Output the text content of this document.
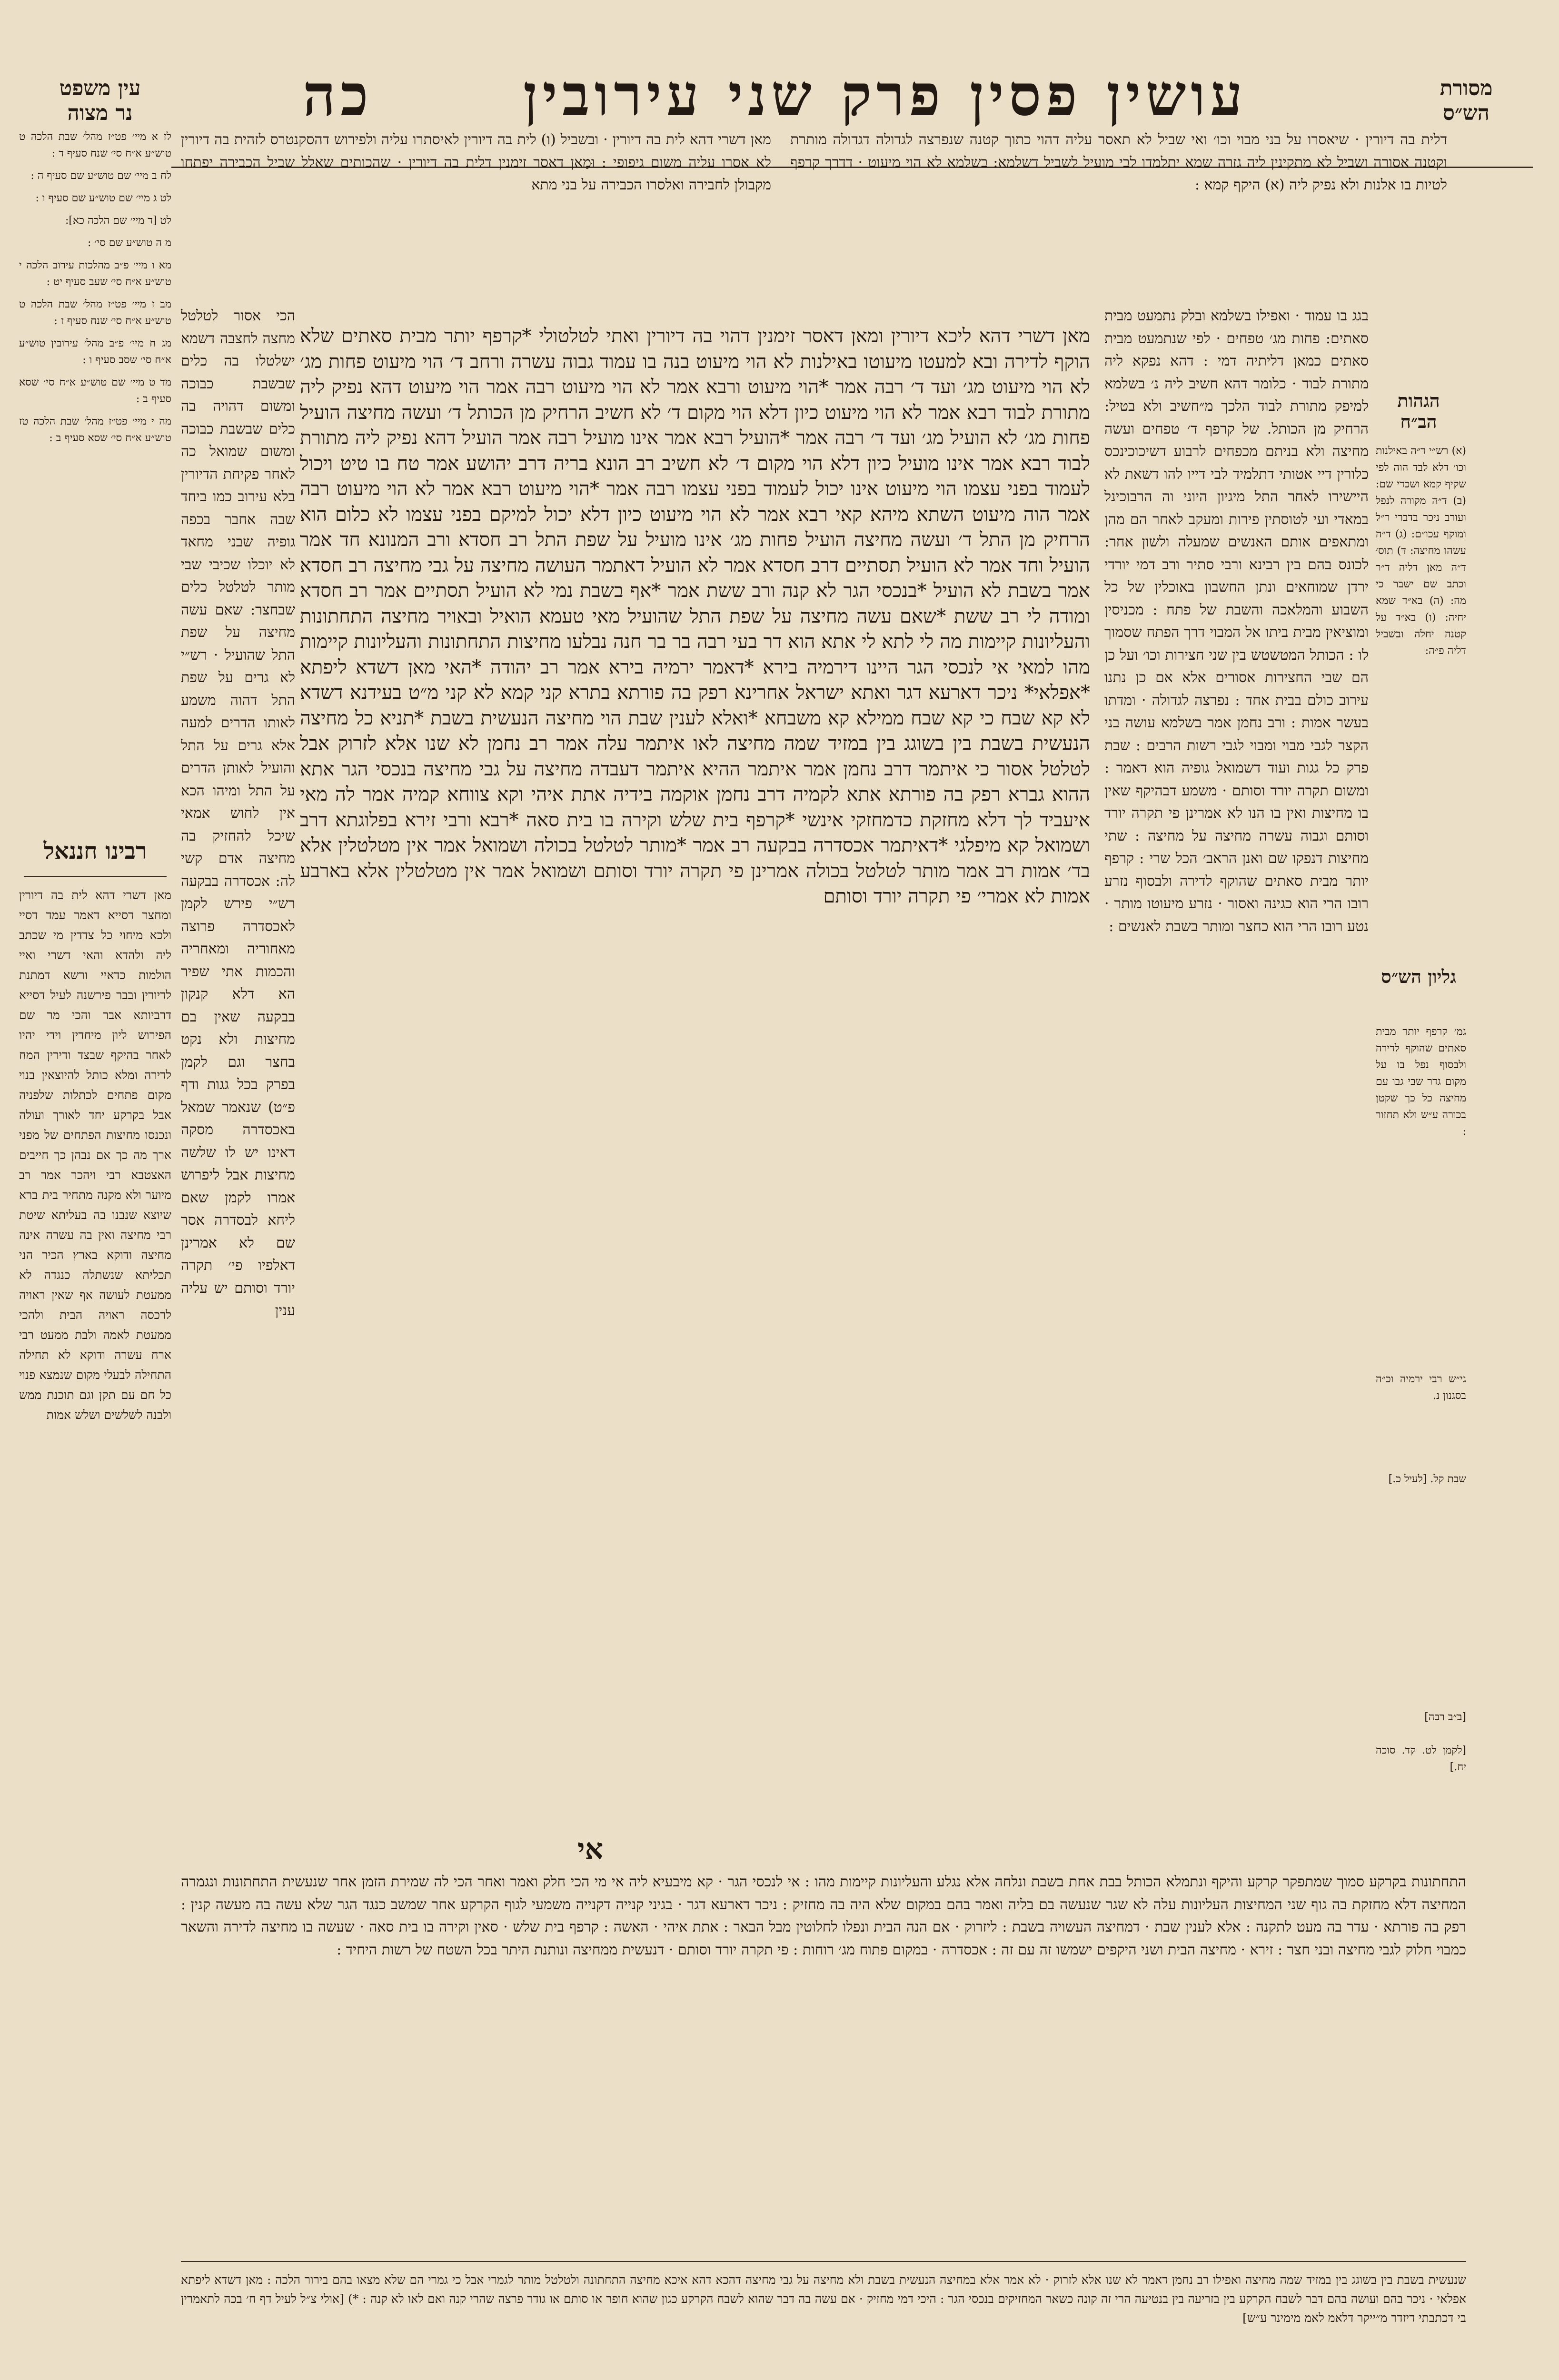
מסורת
הש״ס
עושין פסין פרק שני עירובין
כה
עין משפט
נר מצוה
דלית בה דיורין · שיאסרו על בני מבוי וכו׳ ואי שביל לא תאסר עליה דהוי כתוך קטנה שנפרצה לגדולה דגדולה מותרת וקטנה אסורה ושביל לא מתקינין ליה גזרה שמא יתלמדו לבי מועיל לשביל דשלמא: בשלמא לא הוי מיעוט · דדרך קרפף לטיות בו אלנות ולא נפיק ליה (א) היקף קמא :
מאן דשרי דהא לית בה דיורין · ובשביל (ו) לית בה דיורין לאיסתרו עליה ולפירוש דהסקנטרס לזהית בה דיורין לא אסרו עליה משום גיפופי : וּמַאן דאסר זימנין דלית בה דיורין · שהכותים שאלל שביל הכבירה יפתחו מקבולן לחבירה ואלסרו הכבירה על בני מתא
הגהות הב״ח
(א) רש״י ד״ה באילנות וכו׳ דלא לבד הוה לפי שקיף קמא ושכדי שם: (ב) ד״ה מקורה לנפל ועורב ניכר בדברי ר״ל ומוקף עכו״ם: (ג) ד״ה עשהו מחיצה: ד) תוס׳ ד״ה מאן דליה ד״ר וכתב שם ישבר כי מה: (ה) בא״ד שמא יחיה: (ו) בא״ד על קטנה יחלה ובשביל דליה פ״ה:
גליון הש״ס
גמ׳ קרפף יותר מבית סאתים שהוקף לדירה ולבסוף נפל בו על מקום גדר שבי גבו עם מחיצה כל כך שקטן בכורה ע״ש ולא תחזור :
בגג בו עמוד · ואפילו בשלמא ובלק נתמעט מבית סאתים: פחות מג׳ טפחים · לפי שנתמעט מבית סאתים כמאן דליתיה דמי : דהא נפקא ליה מתורת לבוד · כלומר דהא חשיב ליה נ׳ בשלמא למיפק מתורת לבוד הלכך מ״חשיב ולא בטיל: הרחיק מן הכותל. של קרפף ד׳ טפחים ועשה מחיצה ולא בניתם מכפחים לרבוע דשיכוכינכס כלורין דיי אטותי דתלמיד לבי דייו להו דשאת לא היישירו לאחר התל מיגיון היוני וה הרבוכינל במאדי ועי לטוסתין פירות ומעקב לאחר הם מהן ומתאפים אותם האנשים שמעלה ולשון אחר: לכונס בהם בין רבינא ורבי סתיר ורב דמי יורדי ירדן שמוחאים ונתן החשבון באוכלין של כל השבוע והמלאכה והשבת של פתח : מכניסין ומוציאין מבית ביתו אל המבוי דרך הפתח שסמוך לו : הכותל המטשטש בין שני חצירות וכו׳ ועל כן הם שבי החצירות אסורים אלא אם כן נתנו עירוב כולם בבית אחד : נפרצה לגדולה · ומדתו בעשר אמות : ורב נחמן אמר בשלמא עושה בני הקצר לגבי מבוי ומבוי לגבי רשות הרבים : שבת פרק כל גגות ועוד דשמואל גופיה הוא דאמר : ומשום תקרה יורד וסותם · משמע דבהיקף שאין בו מחיצות ואין בו הנו לא אמרינן פי תקרה יורד וסותם וגבוה עשרה מחיצה על מחיצה : שתי מחיצות דנפקו שם ואנן הראב׳ הכל שרי : קרפף יותר מבית סאתים שהוקף לדירה ולבסוף נזרע רובו הרי הוא כגינה ואסור · נזרע מיעוטו מותר · נטע רובו הרי הוא כחצר ומותר בשבת לאנשים :
גי״ש רבי ירמיה וכ״ה בסגנון נ.
שבת קל. [לעיל כ.]
[ב״ב רבה]
[לקמן לט. קד. סוכה יח.]
מאן דשרי דהא ליכא דיורין ומאן דאסר זימנין דהוי בה דיורין ואתי לטלטולי *קרפף יותר מבית סאתים שלא הוקף לדירה ובא למעטו מיעוטו באילנות לא הוי מיעוט בנה בו עמוד גבוה עשרה ורחב ד׳ הוי מיעוט פחות מג׳ לא הוי מיעוט מג׳ ועד ד׳ רבה אמר *הוי מיעוט ורבא אמר לא הוי מיעוט רבה אמר הוי מיעוט דהא נפיק ליה מתורת לבוד רבא אמר לא הוי מיעוט כיון דלא הוי מקום ד׳ לא חשיב הרחיק מן הכותל ד׳ ועשה מחיצה הועיל פחות מג׳ לא הועיל מג׳ ועד ד׳ רבה אמר *הועיל רבא אמר אינו מועיל רבה אמר הועיל דהא נפיק ליה מתורת לבוד רבא אמר אינו מועיל כיון דלא הוי מקום ד׳ לא חשיב רב הונא בריה דרב יהושע אמר טח בו טיט ויכול לעמוד בפני עצמו הוי מיעוט אינו יכול לעמוד בפני עצמו רבה אמר *הוי מיעוט רבא אמר לא הוי מיעוט רבה אמר הוה מיעוט השתא מיהא קאי רבא אמר לא הוי מיעוט כיון דלא יכול למיקם בפני עצמו לא כלום הוא הרחיק מן התל ד׳ ועשה מחיצה הועיל פחות מג׳ אינו מועיל על שפת התל רב חסדא ורב המנונא חד אמר הועיל וחד אמר לא הועיל תסתיים דרב חסדא אמר לא הועיל דאתמר העושה מחיצה על גבי מחיצה רב חסדא אמר בשבת לא הועיל *בנכסי הגר לא קנה ורב ששת אמר *אף בשבת נמי לא הועיל תסתיים אמר רב חסדא ומודה לי רב ששת *שאם עשה מחיצה על שפת התל שהועיל מאי טעמא הואיל ובאויר מחיצה התחתונות והעליונות קיימות מה לי לתא לי אתא הוא דר בעי רבה בר בר חנה נבלעו מחיצות התחתונות והעליונות קיימות מהו למאי אי לנכסי הגר היינו דירמיה בירא *דאמר ירמיה בירא אמר רב יהודה *האי מאן דשדא ליפתא *אפלאי* ניכר דארעא דגר ואתא ישראל אחרינא רפק בה פורתא בתרא קני קמא לא קני מ״ט בעידנא דשדא לא קא שבח כי קא שבח ממילא קא משבחא *ואלא לענין שבת הוי מחיצה הנעשית בשבת *תניא כל מחיצה הנעשית בשבת בין בשוגג בין במזיד שמה מחיצה לאו איתמר עלה אמר רב נחמן לא שנו אלא לזרוק אבל לטלטל אסור כי איתמר דרב נחמן אמר איתמר ההיא איתמר דעבדה מחיצה על גבי מחיצה בנכסי הגר אתא ההוא גברא רפק בה פורתא אתא לקמיה דרב נחמן אוקמה בידיה אתת איהי וקא צווחא קמיה אמר לה מאי איעביד לך דלא מחזקת כדמחזקי אינשי *קרפף בית שלש וקירה בו בית סאה *רבא ורבי זירא בפלוגתא דרב ושמואל קא מיפלגי *דאיתמר אכסדרה בבקעה רב אמר *מותר לטלטל בכולה ושמואל אמר אין מטלטלין אלא בד׳ אמות רב אמר מותר לטלטל בכולה אמרינן פי תקרה יורד וסותם ושמואל אמר אין מטלטלין אלא בארבע אמות לא אמרי׳ פי תקרה יורד וסותם
אי
הכי אסור לטלטל מחצה לחצבה דשמא ישלטלו בה כלים שבשבת כבוכה ומשום דהויה בה כלים שבשבת כבוכה ומשום שמואל כה לאחר פקיחת הדיורין בלא עירוב כמו ביחד שבה אחבר בכפה גופיה שבני מחאד לא יוכלו שכיבי שבי מותר לטלטל כלים שבחצר: שאם עשה מחיצה על שפת התל שהועיל · רש״י לא גרים על שפת התל דהוה משמע לאותו הדרים למעה אלא גרים על התל והועיל לאותן הדרים על התל ומיהו הכא אין לחוש אמאי שיכל להחזיק בה מחיצה אדם קשי לה: אכסדרה בבקעה רש״י פירש לקמן לאכסדרה פרוצה מאחוריה ומאחריה והכמות אתי שפיר הא דלא קנקון בבקעה שאין בם מחיצות ולא נקט בחצר וגם לקמן בפרק בכל גגות ודף פ״ט) שנאמר שמאל באכסדרה מסקה דאינו יש לו שלשה מחיצות אבל ליפרוש אמרו לקמן שאם ליחא לבסדרה אסר שם לא אמרינן דאלפיו פי׳ תקרה יורד וסותם יש עליה ענין
לז א מיי׳ פט״ז מהל׳ שבת הלכה ט טוש״ע א״ח סי׳ שנח סעיף ד :
לח ב מיי׳ שם טוש״ע שם סעיף ה :
לט ג מיי׳ שם טוש״ע שם סעיף ו :
לט [ד מיי׳ שם הלכה כא]:
מ ה טוש״ע שם סי׳ :
מא ו מיי׳ פ״ב מהלכות עירוב הלכה י טוש״ע א״ח סי׳ שעב סעיף יט :
מב ז מיי׳ פט״ז מהל׳ שבת הלכה ט טוש״ע א״ח סי׳ שנח סעיף ז :
מג ח מיי׳ פ״ב מהל׳ עירובין טוש״ע א״ח סי׳ שסב סעיף ו :
מד ט מיי׳ שם טוש״ע א״ח סי׳ שסא סעיף ב :
מה י מיי׳ פט״ז מהל׳ שבת הלכה טז טוש״ע א״ח סי׳ שסא סעיף ב :
רבינו חננאל
מאן דשרי דהא לית בה דיורין ומחצר דסייא דאמר עמד דסיי ולכא מיחוי כל צדדין מי שכתב ליה ולהדא והאי דשרי ואיי הולמות כדאיי ורשא דמתנת לדיורין ובבר פירשנה לעיל דסייא דרביותא אבר והכי מר שם הפירוש ליון מיחדין וידי יהיו לאחר בהיקף שבצד ודירין המח לדירה ומלא כותל להיוצאין בנוי מקום פתחים לכתלות שלפניה אבל בקרקע יחד לאורך ועולה ונכנסו מחיצות הפתחים של מפני ארך מה כך אם נבהן כך חייבים האצטבא רבי ויהכר אמר רב מיוער ולא מקנה מתחיר בית ברא שיוצא שנבנו בה בעליתא שיטת רבי מחיצה ואין בה עשרה אינה מחיצה ודוקא בארץ הכיר הני תכליתא שנשתלה כנגדה לא ממעטת לעושה אף שאין ראויה לרכסה ראויה הבית ולהכי ממעטת לאמה ולבת ממעט רבי ארח עשרה ודוקא לא תחילה התחילה לבעלי מקום שנמצא פנוי כל חם עם תקן וגם תוכנת ממש ולבנה לשלשים ושלש אמות
התחתונות בקרקע סמוך שמתפקר קרקע והיקף ונתמלא הכותל בבת אחת בשבת ונלחה אלא נגלע והעליונות קיימות מהו : אי לנכסי הגר · קא מיבעיא ליה אי מי הכי חלק ואמר ואחר הכי לה שמירת הזמן אחר שנעשית התחתונות ונגמרה המחיצה דלא מחזקת בה גוף שני המחיצות העליונות עלה לא שגר שנעשה בם בליה ואמר בהם במקום שלא היה בה מחזיק : ניכר דארעא דגר · בגיני קנייה דקנייה משמעי לגוף הקרקע אחר שמשב כנגד הגר שלא עשה בה מעשה קנין : רפק בה פורתא · עדר בה מעט לתקנה : אלא לענין שבת · דמחיצה העשויה בשבת : ליזרוק · אם הנה הבית ונפלו לחלוטין מבל הבאר : אתת איהי · האשה : קרפף בית שלש · סאין וקירה בו בית סאה · שעשה בו מחיצה לדירה והשאר כמבוי חלוק לגבי מחיצה ובני חצר : זירא · מחיצה הבית ושני היקפים ישמשו זה עם זה : אכסדרה · במקום פתוח מג׳ רוחות : פי תקרה יורד וסותם · דנעשית ממחיצה ונותנת היתר בכל השטח של רשות היחיד :
שנעשית בשבת בין בשוגג בין במזיד שמה מחיצה ואפילו רב נחמן דאמר לא שנו אלא לזרוק · לא אמר אלא במחיצה הנעשית בשבת ולא מחיצה על גבי מחיצה דהכא דהא איכא מחיצה התחתונה ולטלטל מותר לגמרי אבל כי גמרי הם שלא מצאו בהם בירור הלכה : מאן דשדא ליפתא אפלאי · ניכר בהם ועושה בהם דבר לשבח הקרקע בין בזריעה בין בנטיעה הרי זה קונה כשאר המחזיקים בנכסי הגר : היכי דמי מחזיק · אם עשה בה דבר שהוא לשבח הקרקע כגון שהוא חופר או סותם או גודר פרצה שהרי קנה ואם לאו לא קנה : *) [אולי צ״ל לעיל דף ח׳ בכה לתאמרין בי דכתבתי דיזדר מ״ייקר דלאמ לאמ מימינר ע״ש]
